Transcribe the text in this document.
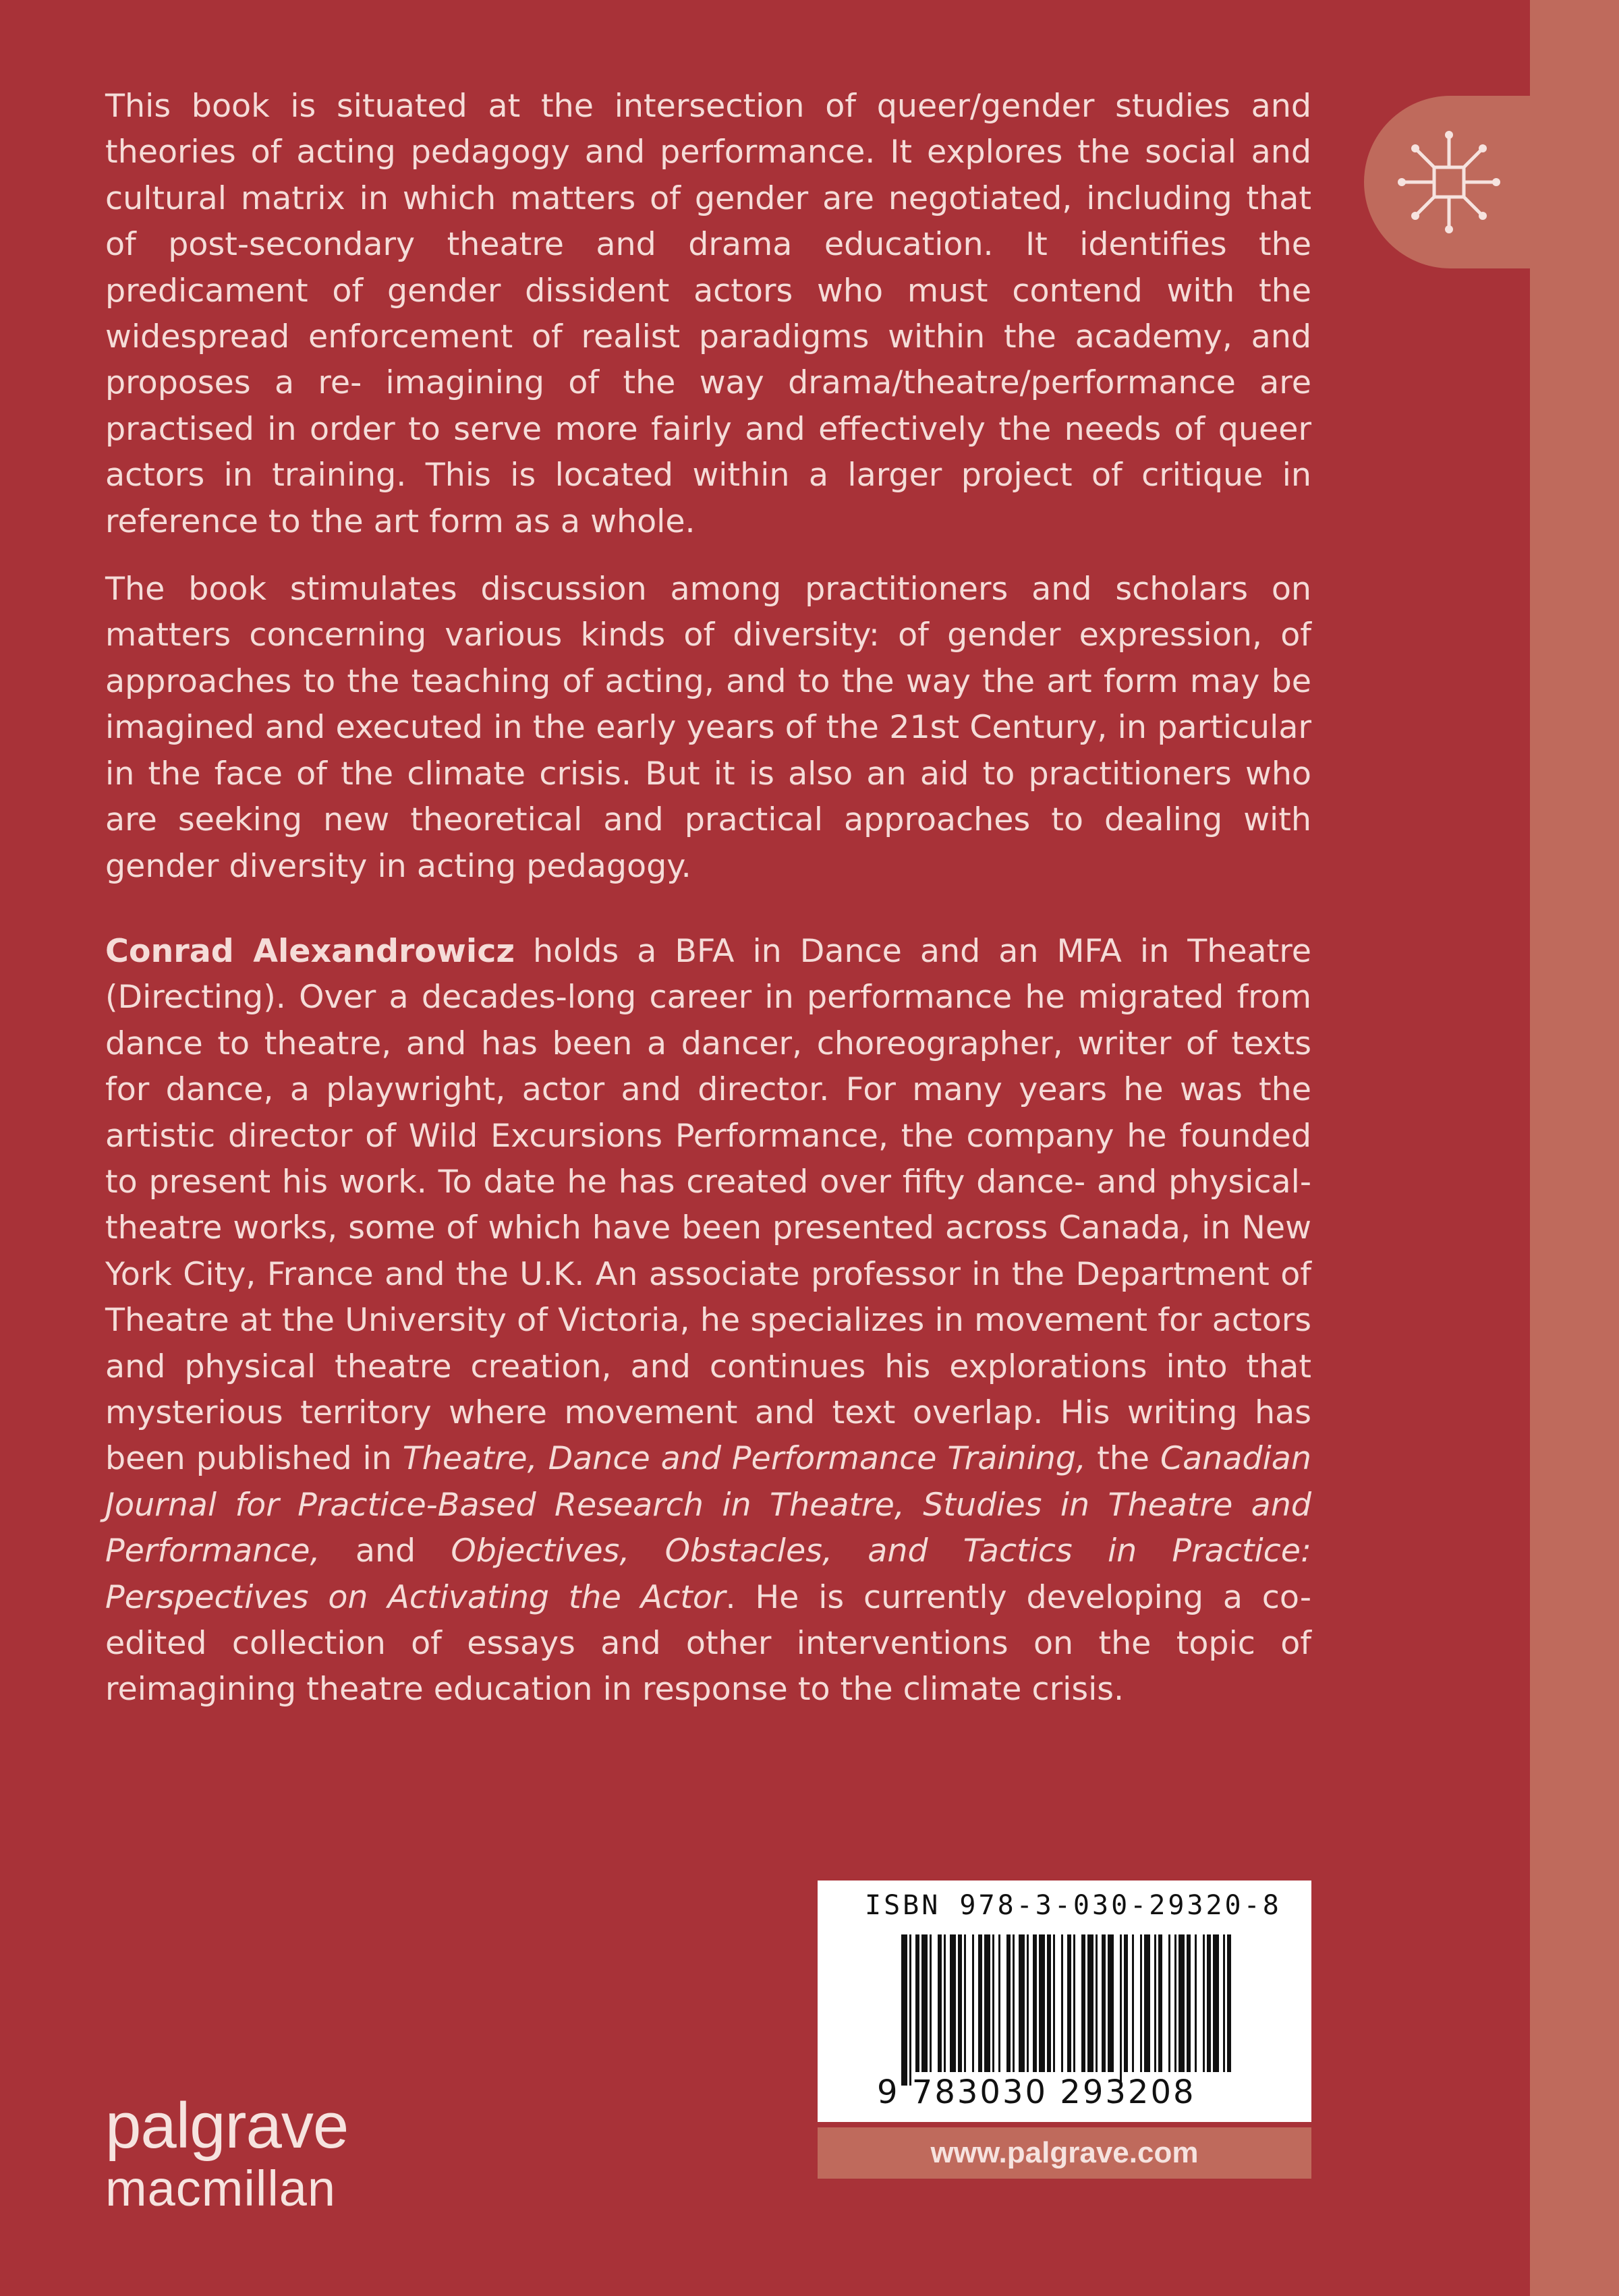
This book is situated at the intersection of queer/gender studies and theories of acting pedagogy and performance. It explores the social and cultural matrix in which matters of gender are negotiated, including that of post-secondary theatre and drama education. It identifies the predicament of gender dissident actors who must contend with the widespread enforcement of realist paradigms within the academy, and proposes a re- imagining of the way drama/theatre/performance are practised in order to serve more fairly and effectively the needs of queer actors in training. This is located within a larger project of critique in reference to the art form as a whole.

The book stimulates discussion among practitioners and scholars on matters concerning various kinds of diversity: of gender expression, of approaches to the teaching of acting, and to the way the art form may be imagined and executed in the early years of the 21st Century, in particular in the face of the climate crisis. But it is also an aid to practitioners who are seeking new theoretical and practical approaches to dealing with gender diversity in acting pedagogy.

Conrad Alexandrowicz holds a BFA in Dance and an MFA in Theatre (Directing). Over a decades-long career in performance he migrated from dance to theatre, and has been a dancer, choreographer, writer of texts for dance, a playwright, actor and director. For many years he was the artistic director of Wild Excursions Performance, the company he founded to present his work. To date he has created over fifty dance- and physical-theatre works, some of which have been presented across Canada, in New York City, France and the U.K. An associate professor in the Department of Theatre at the University of Victoria, he specializes in movement for actors and physical theatre creation, and continues his explorations into that mysterious territory where movement and text overlap. His writing has been published in Theatre, Dance and Performance Training, the Canadian Journal for Practice-Based Research in Theatre, Studies in Theatre and Performance, and Objectives, Obstacles, and Tactics in Practice: Perspectives on Activating the Actor. He is currently developing a co-edited collection of essays and other interventions on the topic of reimagining theatre education in response to the climate crisis.

ISBN 978-3-030-29320-8
9 783030 293208
www.palgrave.com
palgrave
macmillan
